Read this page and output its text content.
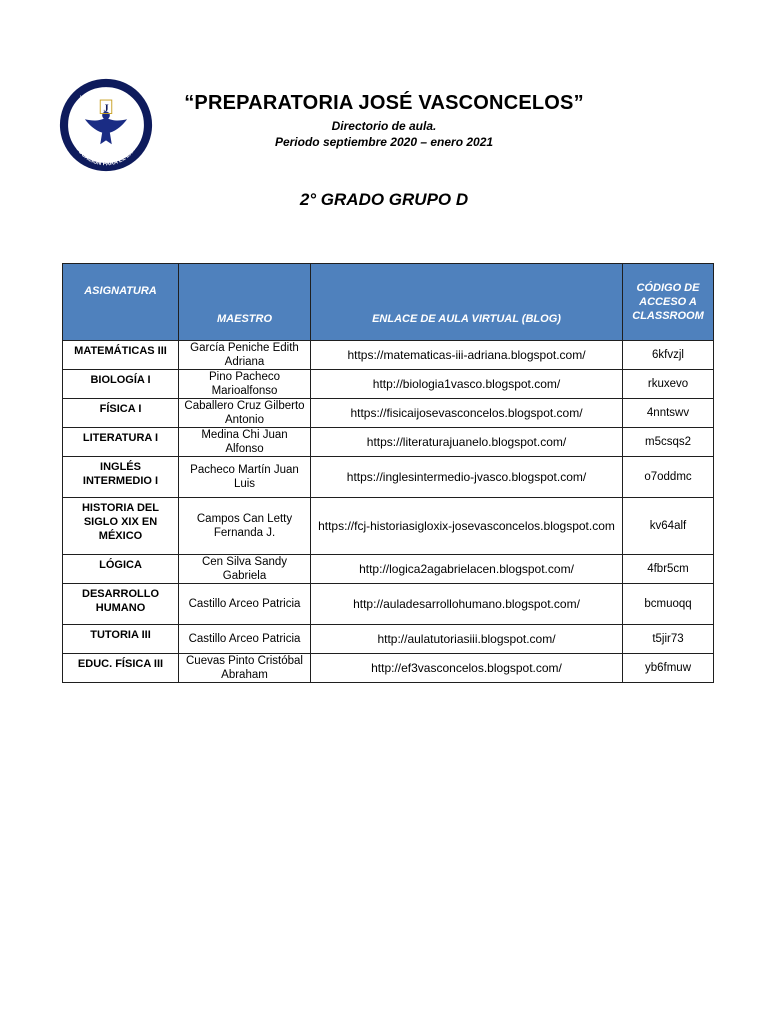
JOSÉ VASCONCELOS
EDUCACIÓN PARA EL ÉXITO
J	“PREPARATORIA JOSÉ VASCONCELOS”
Directorio de aula.
Periodo septiembre 2020 – enero 2021
2° GRADO GRUPO D
ASIGNATURA	MAESTRO	ENLACE DE AULA VIRTUAL (BLOG)	CÓDIGO DE ACCESO A CLASSROOM
MATEMÁTICAS III	García Peniche Edith Adriana	https://matematicas-iii-adriana.blogspot.com/	6kfvzjl
BIOLOGÍA I	Pino Pacheco Marioalfonso	http://biologia1vasco.blogspot.com/	rkuxevo
FÍSICA I	Caballero Cruz Gilberto Antonio	https://fisicaijosevasconcelos.blogspot.com/	4nntswv
LITERATURA I	Medina Chi Juan Alfonso	https://literaturajuanelo.blogspot.com/	m5csqs2
INGLÉS INTERMEDIO I	Pacheco Martín Juan Luis	https://inglesintermedio-jvasco.blogspot.com/	o7oddmc
HISTORIA DEL SIGLO XIX EN MÉXICO	Campos Can Letty Fernanda J.	https://fcj-historiasigloxix-josevasconcelos.blogspot.com	kv64alf
LÓGICA	Cen Silva Sandy Gabriela	http://logica2agabrielacen.blogspot.com/	4fbr5cm
DESARROLLO HUMANO	Castillo Arceo Patricia	http://auladesarrollohumano.blogspot.com/	bcmuoqq
TUTORIA III	Castillo Arceo Patricia	http://aulatutoriasiii.blogspot.com/	t5jir73
EDUC. FÍSICA III	Cuevas Pinto Cristóbal Abraham	http://ef3vasconcelos.blogspot.com/	yb6fmuw
